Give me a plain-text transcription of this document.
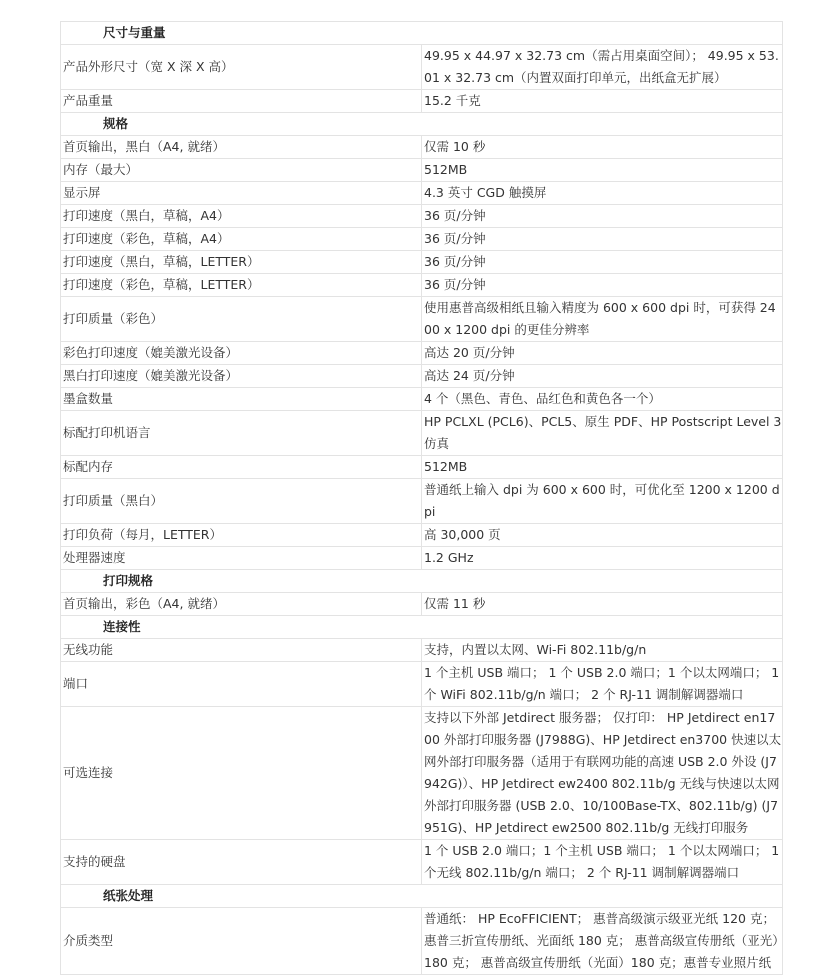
尺寸与重量	
产品外形尺寸（宽 X 深 X 高）	49.95 x 44.97 x 32.73 cm（需占用桌面空间）； 49.95 x 53.01 x 32.73 cm（内置双面打印单元，出纸盒无扩展）
产品重量	15.2 千克
规格	
首页输出，黑白（A4, 就绪）	仅需 10 秒
内存（最大）	512MB
显示屏	4.3 英寸 CGD 触摸屏
打印速度（黑白，草稿，A4）	36 页/分钟
打印速度（彩色，草稿，A4）	36 页/分钟
打印速度（黑白，草稿，LETTER）	36 页/分钟
打印速度（彩色，草稿，LETTER）	36 页/分钟
打印质量（彩色）	使用惠普高级相纸且输入精度为 600 x 600 dpi 时，可获得 2400 x 1200 dpi 的更佳分辨率
彩色打印速度（媲美激光设备）	高达 20 页/分钟
黑白打印速度（媲美激光设备）	高达 24 页/分钟
墨盒数量	4 个（黑色、青色、品红色和黄色各一个）
标配打印机语言	HP PCLXL (PCL6)、PCL5、原生 PDF、HP Postscript Level 3 仿真
标配内存	512MB
打印质量（黑白）	普通纸上输入 dpi 为 600 x 600 时，可优化至 1200 x 1200 dpi
打印负荷（每月，LETTER）	高 30,000 页
处理器速度	1.2 GHz
打印规格	
首页输出，彩色（A4, 就绪）	仅需 11 秒
连接性	
无线功能	支持，内置以太网、Wi-Fi 802.11b/g/n
端口	1 个主机 USB 端口； 1 个 USB 2.0 端口；1 个以太网端口； 1 个 WiFi 802.11b/g/n 端口； 2 个 RJ-11 调制解调器端口
可选连接	支持以下外部 Jetdirect 服务器； 仅打印： HP Jetdirect en1700 外部打印服务器 (J7988G)、HP Jetdirect en3700 快速以太网外部打印服务器（适用于有联网功能的高速 USB 2.0 外设 (J7942G)）、HP Jetdirect ew2400 802.11b/g 无线与快速以太网外部打印服务器 (USB 2.0、10/100Base-TX、802.11b/g) (J7951G)、HP Jetdirect ew2500 802.11b/g 无线打印服务
支持的硬盘	1 个 USB 2.0 端口；1 个主机 USB 端口； 1 个以太网端口； 1 个无线 802.11b/g/n 端口； 2 个 RJ-11 调制解调器端口
纸张处理	
介质类型	普通纸： HP EcoFFICIENT； 惠普高级演示级亚光纸 120 克； 惠普三折宣传册纸、光面纸 180 克； 惠普高级宣传册纸（亚光）180 克； 惠普高级宣传册纸（光面）180 克；惠普专业照片纸
